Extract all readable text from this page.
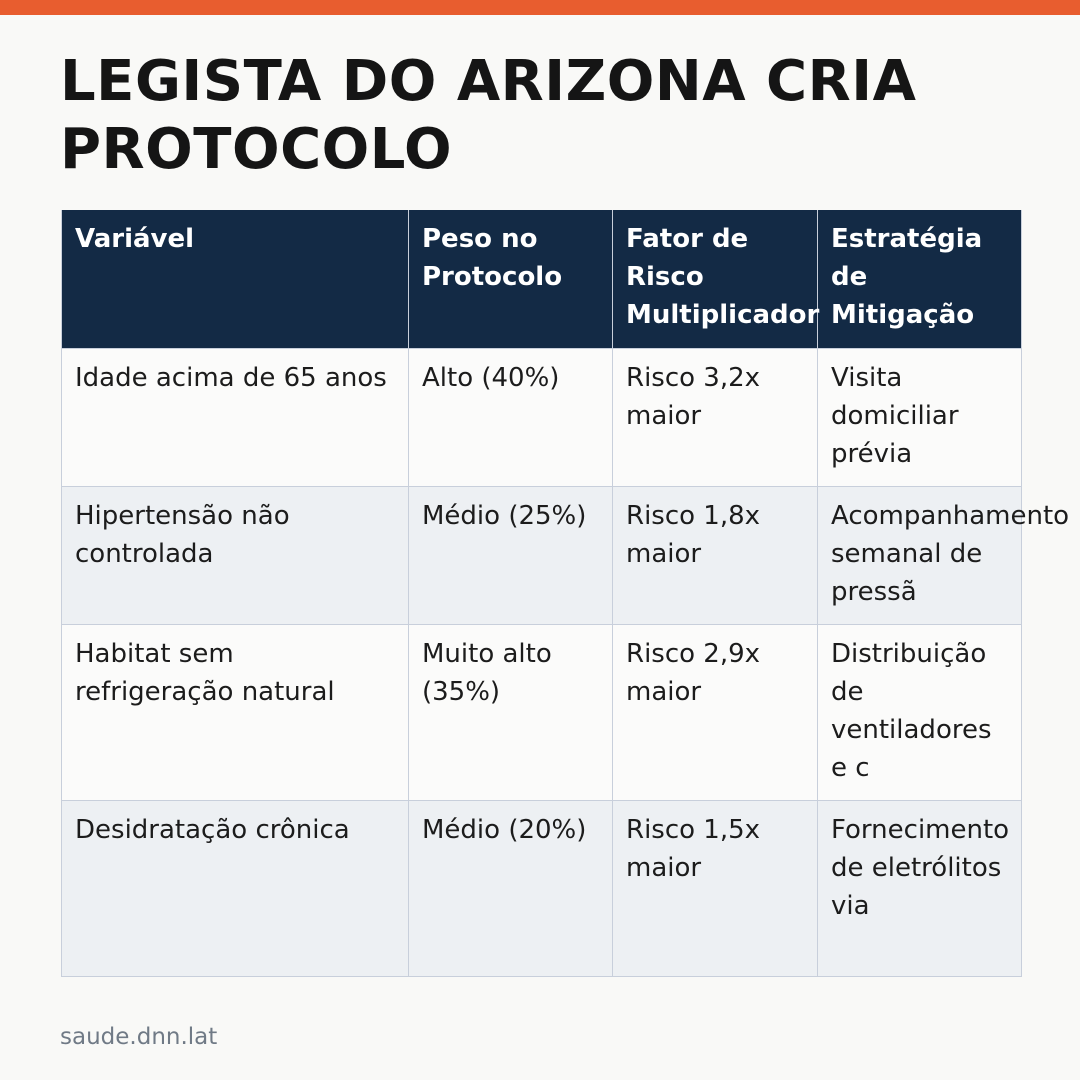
LEGISTA DO ARIZONA CRIA PROTOCOLO
Variável	Peso no Protocolo	Fator de Risco Multiplicador	Estratégia de Mitigação
Idade acima de 65 anos	Alto (40%)	Risco 3,2x maior	Visita domiciliar prévia
Hipertensão não controlada	Médio (25%)	Risco 1,8x maior	Acompanhamento semanal de pressã
Habitat sem refrigeração natural	Muito alto (35%)	Risco 2,9x maior	Distribuição de ventiladores e c
Desidratação crônica	Médio (20%)	Risco 1,5x maior	Fornecimento de eletrólitos via
saude.dnn.lat
